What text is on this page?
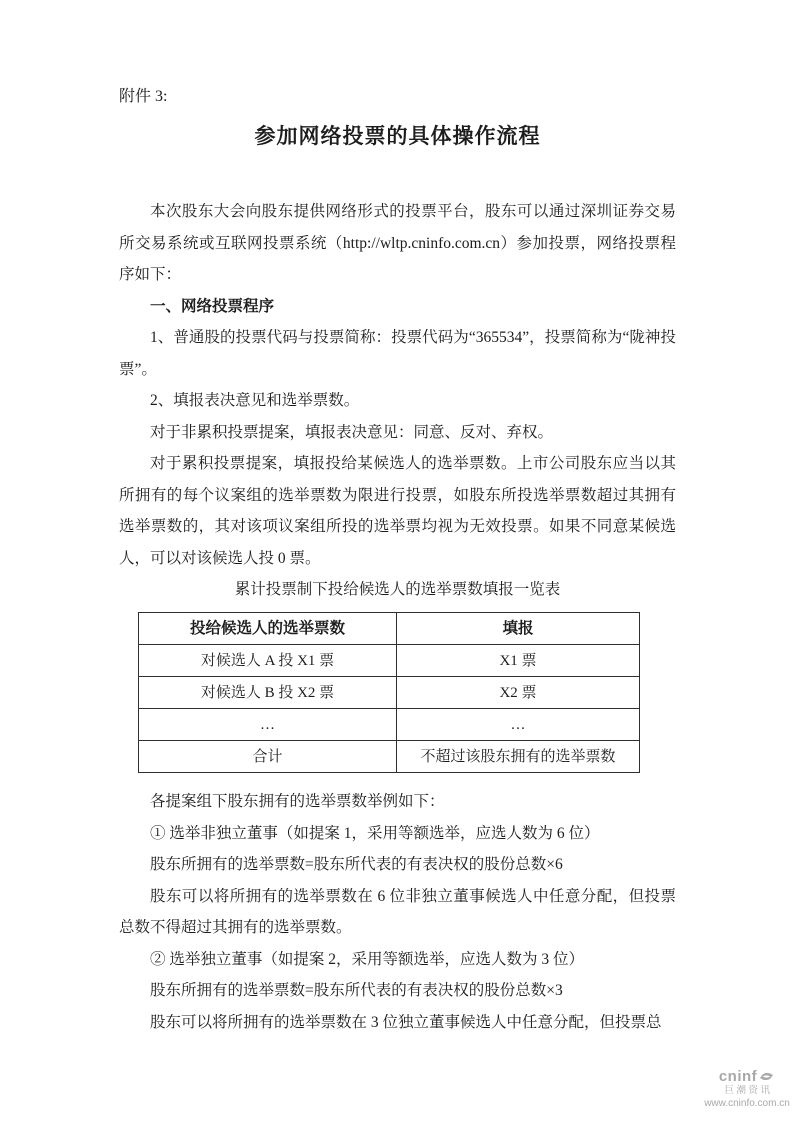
附件 3:
参加网络投票的具体操作流程

本次股东大会向股东提供网络形式的投票平台，股东可以通过深圳证券交易所交易系统或互联网投票系统（http://wltp.cninfo.com.cn）参加投票，网络投票程序如下：

一、网络投票程序

1、普通股的投票代码与投票简称：投票代码为“365534”，投票简称为“陇神投票”。

2、填报表决意见和选举票数。

对于非累积投票提案，填报表决意见：同意、反对、弃权。

对于累积投票提案，填报投给某候选人的选举票数。上市公司股东应当以其所拥有的每个议案组的选举票数为限进行投票，如股东所投选举票数超过其拥有选举票数的，其对该项议案组所投的选举票均视为无效投票。如果不同意某候选人，可以对该候选人投 0 票。

累计投票制下投给候选人的选举票数填报一览表

投给候选人的选举票数	填报
对候选人 A 投 X1 票	X1 票
对候选人 B 投 X2 票	X2 票
…	…
合计	不超过该股东拥有的选举票数

各提案组下股东拥有的选举票数举例如下：

① 选举非独立董事（如提案 1，采用等额选举，应选人数为 6 位）

股东所拥有的选举票数=股东所代表的有表决权的股份总数×6

股东可以将所拥有的选举票数在 6 位非独立董事候选人中任意分配，但投票总数不得超过其拥有的选举票数。

② 选举独立董事（如提案 2，采用等额选举，应选人数为 3 位）

股东所拥有的选举票数=股东所代表的有表决权的股份总数×3

股东可以将所拥有的选举票数在 3 位独立董事候选人中任意分配，但投票总

cninf
巨潮资讯
www.cninfo.com.cn
